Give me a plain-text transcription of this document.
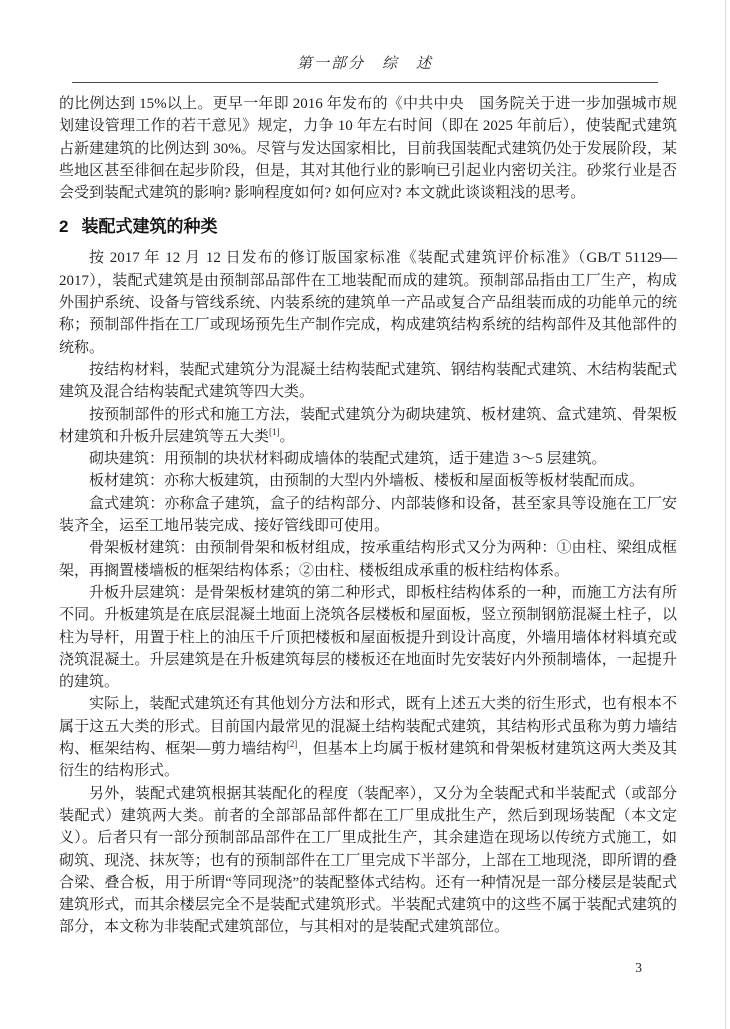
第一部分　综　述

的比例达到 15%以上。更早一年即 2016 年发布的《中共中央　国务院关于进一步加强城市规划建设管理工作的若干意见》规定，力争 10 年左右时间（即在 2025 年前后），使装配式建筑占新建建筑的比例达到 30%。尽管与发达国家相比，目前我国装配式建筑仍处于发展阶段，某些地区甚至徘徊在起步阶段，但是，其对其他行业的影响已引起业内密切关注。砂浆行业是否会受到装配式建筑的影响? 影响程度如何? 如何应对? 本文就此谈谈粗浅的思考。

2 装配式建筑的种类

按 2017 年 12 月 12 日发布的修订版国家标准《装配式建筑评价标准》（GB/T 51129—2017），装配式建筑是由预制部品部件在工地装配而成的建筑。预制部品指由工厂生产，构成外围护系统、设备与管线系统、内装系统的建筑单一产品或复合产品组装而成的功能单元的统称；预制部件指在工厂或现场预先生产制作完成，构成建筑结构系统的结构部件及其他部件的统称。

按结构材料，装配式建筑分为混凝土结构装配式建筑、钢结构装配式建筑、木结构装配式建筑及混合结构装配式建筑等四大类。

按预制部件的形式和施工方法，装配式建筑分为砌块建筑、板材建筑、盒式建筑、骨架板材建筑和升板升层建筑等五大类[1]。

砌块建筑：用预制的块状材料砌成墙体的装配式建筑，适于建造 3～5 层建筑。

板材建筑：亦称大板建筑，由预制的大型内外墙板、楼板和屋面板等板材装配而成。

盒式建筑：亦称盒子建筑，盒子的结构部分、内部装修和设备，甚至家具等设施在工厂安装齐全，运至工地吊装完成、接好管线即可使用。

骨架板材建筑：由预制骨架和板材组成，按承重结构形式又分为两种：①由柱、梁组成框架，再搁置楼墙板的框架结构体系；②由柱、楼板组成承重的板柱结构体系。

升板升层建筑：是骨架板材建筑的第二种形式，即板柱结构体系的一种，而施工方法有所不同。升板建筑是在底层混凝土地面上浇筑各层楼板和屋面板，竖立预制钢筋混凝土柱子，以柱为导杆，用置于柱上的油压千斤顶把楼板和屋面板提升到设计高度，外墙用墙体材料填充或浇筑混凝土。升层建筑是在升板建筑每层的楼板还在地面时先安装好内外预制墙体，一起提升的建筑。

实际上，装配式建筑还有其他划分方法和形式，既有上述五大类的衍生形式，也有根本不属于这五大类的形式。目前国内最常见的混凝土结构装配式建筑，其结构形式虽称为剪力墙结构、框架结构、框架—剪力墙结构[2]，但基本上均属于板材建筑和骨架板材建筑这两大类及其衍生的结构形式。

另外，装配式建筑根据其装配化的程度（装配率），又分为全装配式和半装配式（或部分装配式）建筑两大类。前者的全部部品部件都在工厂里成批生产，然后到现场装配（本文定义）。后者只有一部分预制部品部件在工厂里成批生产，其余建造在现场以传统方式施工，如砌筑、现浇、抹灰等；也有的预制部件在工厂里完成下半部分，上部在工地现浇，即所谓的叠合梁、叠合板，用于所谓“等同现浇”的装配整体式结构。还有一种情况是一部分楼层是装配式建筑形式，而其余楼层完全不是装配式建筑形式。半装配式建筑中的这些不属于装配式建筑的部分，本文称为非装配式建筑部位，与其相对的是装配式建筑部位。

3
